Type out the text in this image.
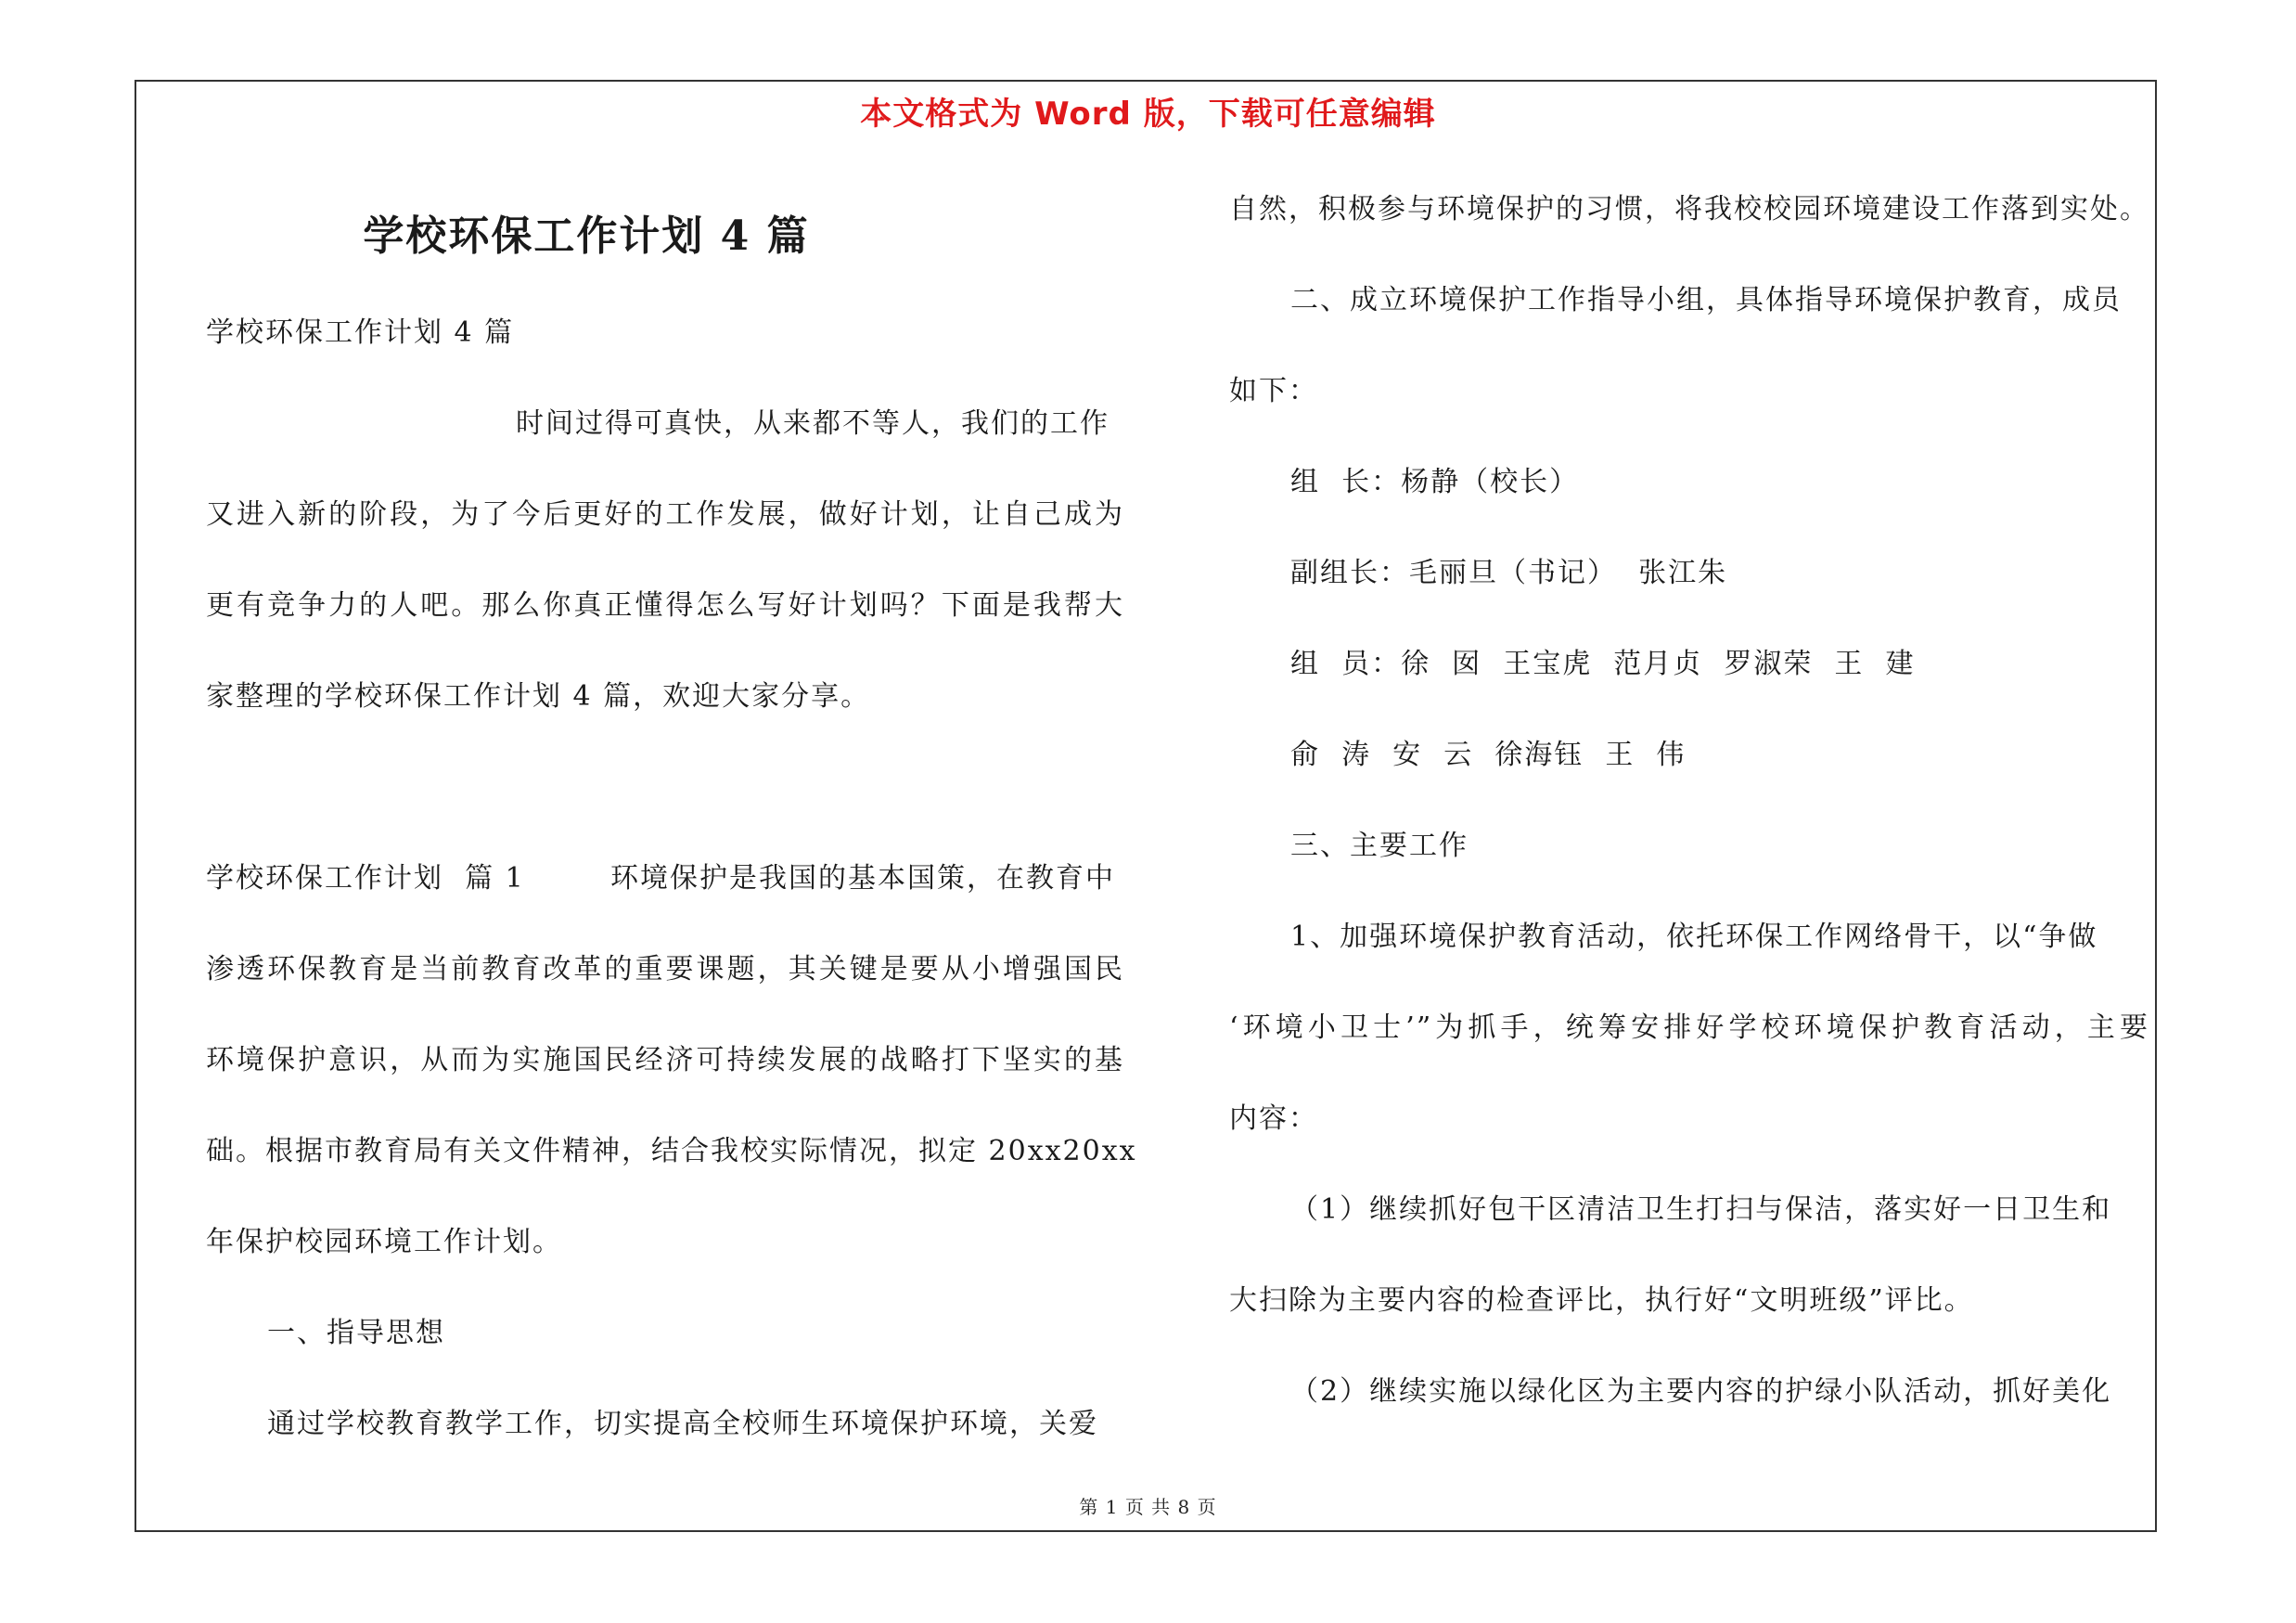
本文格式为 Word 版，下载可任意编辑
学校环保工作计划 4 篇
学校环保工作计划 4 篇
时间过得可真快，从来都不等人，我们的工作
又进入新的阶段，为了今后更好的工作发展，做好计划，让自己成为
更有竞争力的人吧。那么你真正懂得怎么写好计划吗？下面是我帮大
家整理的学校环保工作计划 4 篇，欢迎大家分享。
学校环保工作计划  篇 1        环境保护是我国的基本国策，在教育中
渗透环保教育是当前教育改革的重要课题，其关键是要从小增强国民
环境保护意识，从而为实施国民经济可持续发展的战略打下坚实的基
础。根据市教育局有关文件精神，结合我校实际情况，拟定 20xx20xx
年保护校园环境工作计划。
一、指导思想
通过学校教育教学工作，切实提高全校师生环境保护环境，关爱
自然，积极参与环境保护的习惯，将我校校园环境建设工作落到实处。
二、成立环境保护工作指导小组，具体指导环境保护教育，成员
如下：
组  长：杨静（校长）
副组长：毛丽旦（书记）  张江朱
组  员：徐  囡  王宝虎  范月贞  罗淑荣  王  建
俞  涛  安  云  徐海钰  王  伟
三、主要工作
1、加强环境保护教育活动，依托环保工作网络骨干，以“争做
‘环境小卫士’”为抓手，统筹安排好学校环境保护教育活动，主要
内容：
（1）继续抓好包干区清洁卫生打扫与保洁，落实好一日卫生和
大扫除为主要内容的检查评比，执行好“文明班级”评比。
（2）继续实施以绿化区为主要内容的护绿小队活动，抓好美化
第 1 页 共 8 页
